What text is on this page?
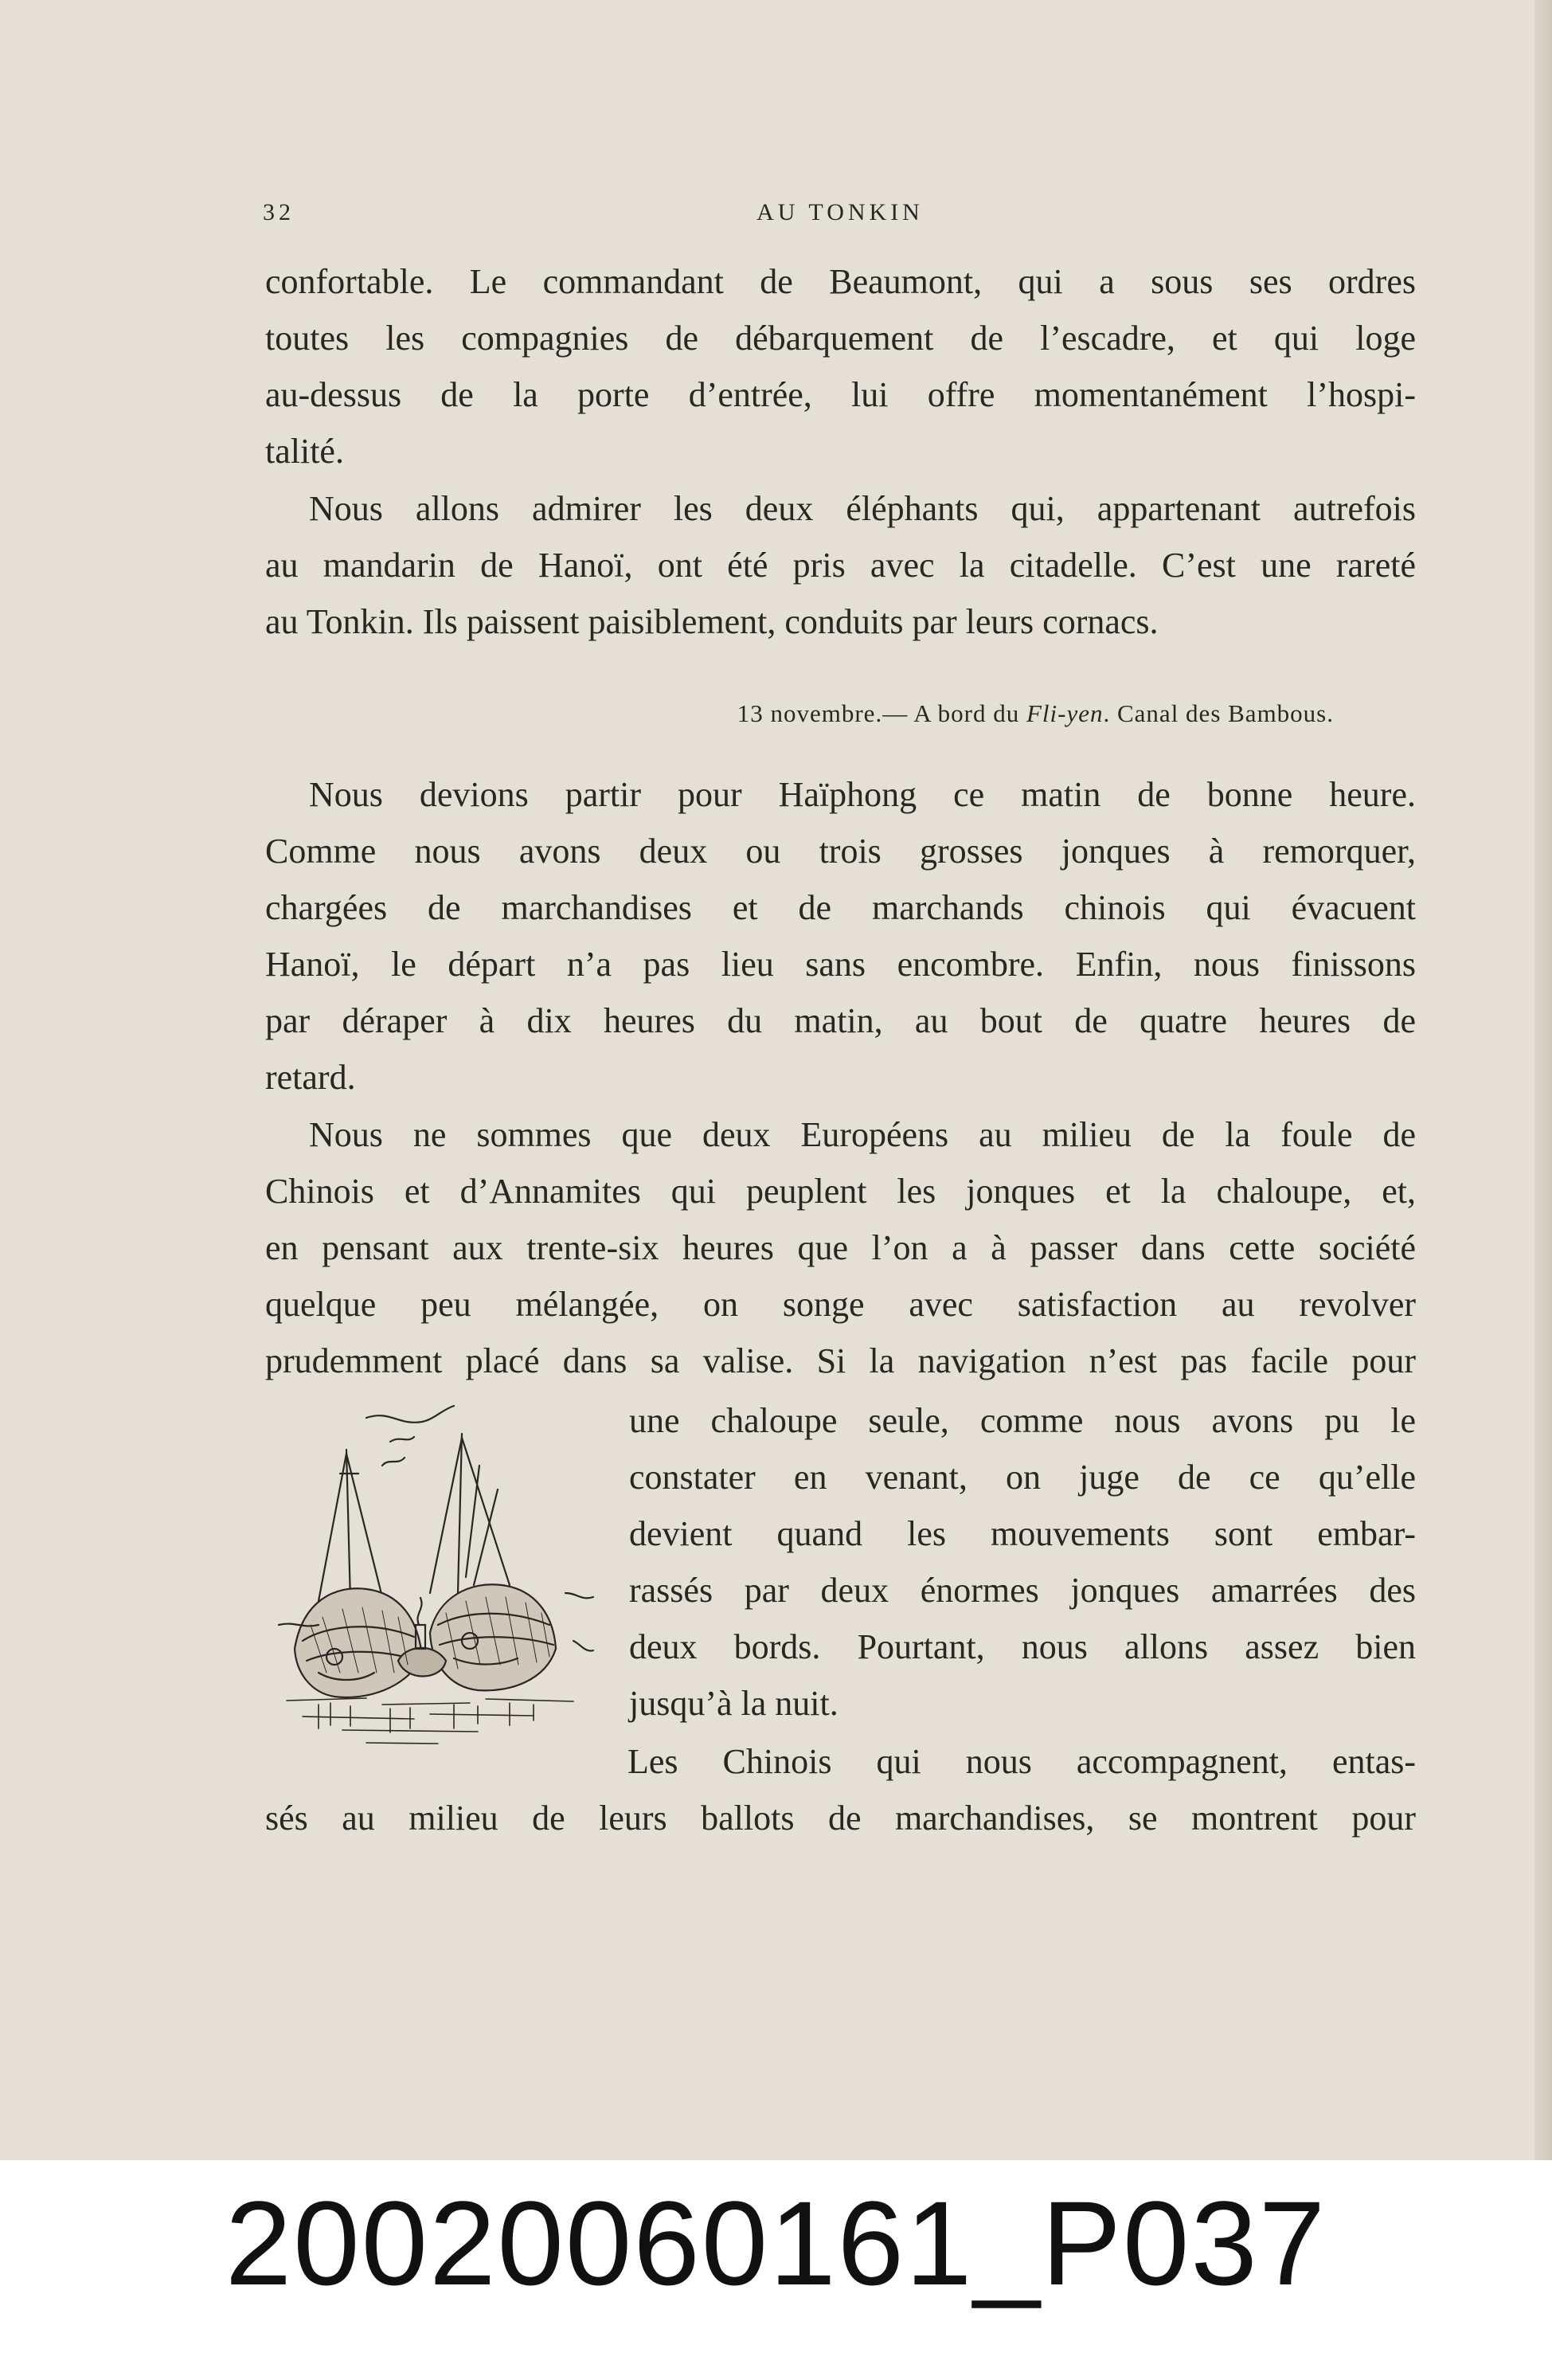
32	AU TONKIN
confortable. Le commandant de Beaumont, qui a sous ses ordres
toutes les compagnies de débarquement de l’escadre, et qui loge
au-dessus de la porte d’entrée, lui offre momentanément l’hospi-
talité.
Nous allons admirer les deux éléphants qui, appartenant autrefois
au mandarin de Hanoï, ont été pris avec la citadelle. C’est une rareté
au Tonkin. Ils paissent paisiblement, conduits par leurs cornacs.
13 novembre.— A bord du Fli-yen. Canal des Bambous.
Nous devions partir pour Haïphong ce matin de bonne heure.
Comme nous avons deux ou trois grosses jonques à remorquer,
chargées de marchandises et de marchands chinois qui évacuent
Hanoï, le départ n’a pas lieu sans encombre. Enfin, nous finissons
par déraper à dix heures du matin, au bout de quatre heures de
retard.
Nous ne sommes que deux Européens au milieu de la foule de
Chinois et d’Annamites qui peuplent les jonques et la chaloupe, et,
en pensant aux trente-six heures que l’on a à passer dans cette société
quelque peu mélangée, on songe avec satisfaction au revolver
prudemment placé dans sa valise. Si la navigation n’est pas facile pour
une chaloupe seule, comme nous avons pu le
constater en venant, on juge de ce qu’elle
devient quand les mouvements sont embar-
rassés par deux énormes jonques amarrées des
deux bords. Pourtant, nous allons assez bien
jusqu’à la nuit.
Les Chinois qui nous accompagnent, entas-
sés au milieu de leurs ballots de marchandises, se montrent pour
20020060161_P037
